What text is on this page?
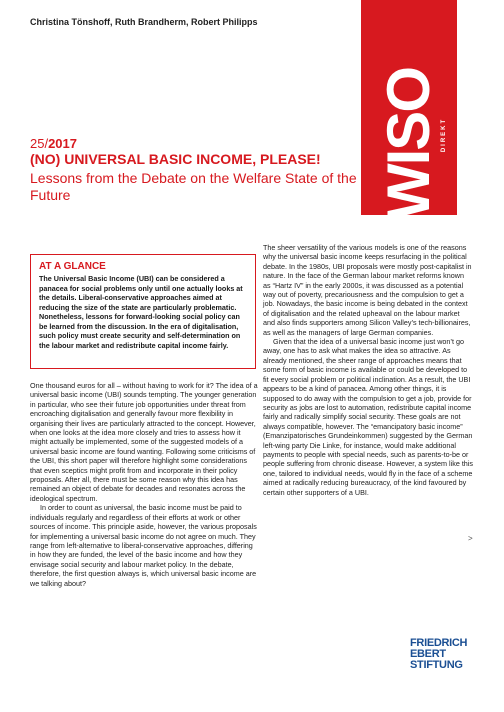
Christina Tönshoff, Ruth Brandherm, Robert Philipps
WISO DIREKT
25/2017
(NO) UNIVERSAL BASIC INCOME, PLEASE!
Lessons from the Debate on the Welfare State of the Future
AT A GLANCE
The Universal Basic Income (UBI) can be considered a panacea for social problems only until one actually looks at the details. Liberal-conservative approaches aimed at reducing the size of the state are particularly problematic. Nonetheless, lessons for forward-looking social policy can be learned from the discussion. In the era of digitalisation, such policy must create security and self-determination on the labour market and redistribute capital income fairly.

One thousand euros for all – without having to work for it? The idea of a universal basic income (UBI) sounds tempting. The younger generation in particular, who see their future job opportunities under threat from encroaching digitalisation and generally favour more flexibility in organising their lives are particularly attracted to the concept. However, when one looks at the idea more closely and tries to assess how it might actually be implemented, some of the suggested models of a universal basic income are found wanting. Following some criticisms of the UBI, this short paper will therefore highlight some considerations that even sceptics might profit from and incorporate in their policy proposals. After all, there must be some reason why this idea has remained an object of debate for decades and resonates across the ideological spectrum.

In order to count as universal, the basic income must be paid to individuals regularly and regardless of their efforts at work or other sources of income. This principle aside, however, the various proposals for implementing a universal basic income do not agree on much. They range from left-alternative to liberal-conservative approaches, differing in how they are funded, the level of the basic income and how they envisage social security and labour market policy. In the debate, therefore, the first question always is, which universal basic income are we talking about?

The sheer versatility of the various models is one of the reasons why the universal basic income keeps resurfacing in the political debate. In the 1980s, UBI proposals were mostly post-capitalist in nature. In the face of the German labour market reforms known as “Hartz IV” in the early 2000s, it was discussed as a potential way out of poverty, precariousness and the compulsion to get a job. Nowadays, the basic income is being debated in the context of digitalisation and the related upheaval on the labour market and also finds supporters among Silicon Valley’s tech-billionaires, as well as the managers of large German companies.

Given that the idea of a universal basic income just won’t go away, one has to ask what makes the idea so attractive. As already mentioned, the sheer range of approaches means that some form of basic income is available or could be developed to fit every social problem or political inclination. As a result, the UBI appears to be a kind of panacea. Among other things, it is supposed to do away with the compulsion to get a job, provide for security as jobs are lost to automation, redistribute capital income fairly and radically simplify social security. These goals are not always compatible, however. The “emancipatory basic income” (Emanzipatorisches Grundeinkommen) suggested by the German left-wing party Die Linke, for instance, would make additional payments to people with special needs, such as parents-to-be or people suffering from chronic disease. However, a system like this one, tailored to individual needs, would fly in the face of a scheme aimed at radically reducing bureaucracy, of the kind favoured by certain other supporters of a UBI.

>
FRIEDRICH
EBERT
STIFTUNG
